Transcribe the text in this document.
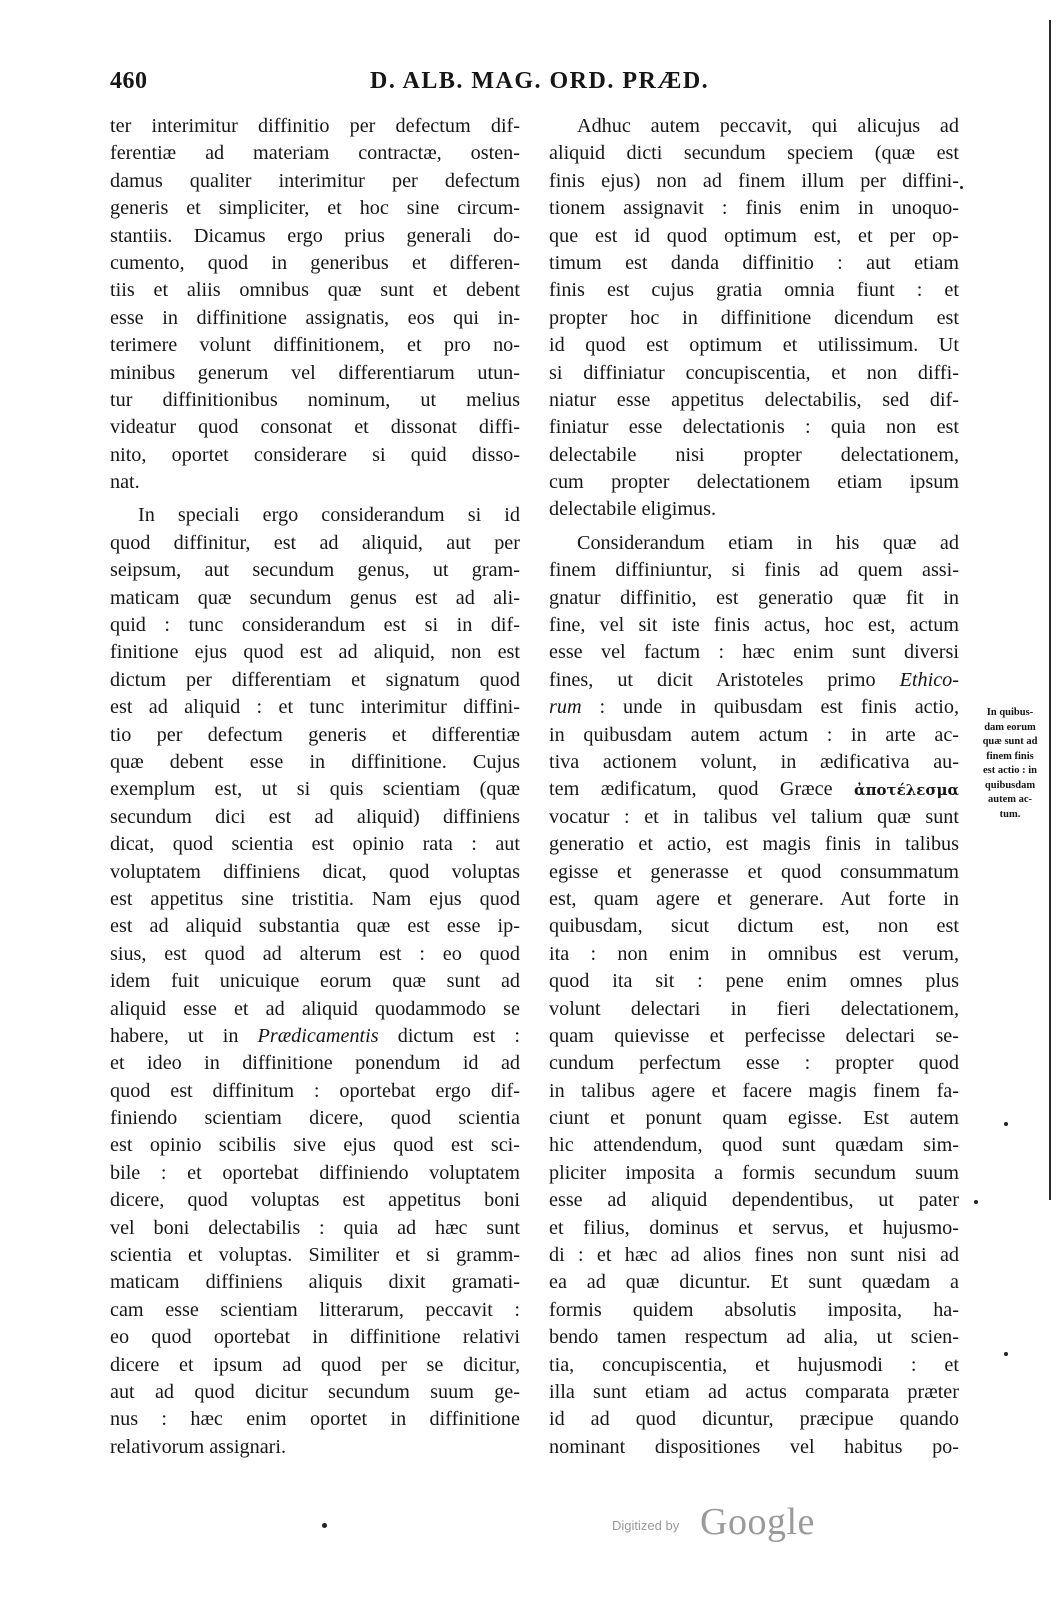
460	D. ALB. MAG. ORD. PRÆD.
ter interimitur diffinitio per defectum dif-
ferentiæ ad materiam contractæ, osten-
damus qualiter interimitur per defectum
generis et simpliciter, et hoc sine circum-
stantiis. Dicamus ergo prius generali do-
cumento, quod in generibus et differen-
tiis et aliis omnibus quæ sunt et debent
esse in diffinitione assignatis, eos qui in-
terimere volunt diffinitionem, et pro no-
minibus generum vel differentiarum utun-
tur diffinitionibus nominum, ut melius
videatur quod consonat et dissonat diffi-
nito, oportet considerare si quid disso-
nat.
In speciali ergo considerandum si id
quod diffinitur, est ad aliquid, aut per
seipsum, aut secundum genus, ut gram-
maticam quæ secundum genus est ad ali-
quid : tunc considerandum est si in dif-
finitione ejus quod est ad aliquid, non est
dictum per differentiam et signatum quod
est ad aliquid : et tunc interimitur diffini-
tio per defectum generis et differentiæ
quæ debent esse in diffinitione. Cujus
exemplum est, ut si quis scientiam (quæ
secundum dici est ad aliquid) diffiniens
dicat, quod scientia est opinio rata : aut
voluptatem diffiniens dicat, quod voluptas
est appetitus sine tristitia. Nam ejus quod
est ad aliquid substantia quæ est esse ip-
sius, est quod ad alterum est : eo quod
idem fuit unicuique eorum quæ sunt ad
aliquid esse et ad aliquid quodammodo se
habere, ut in Prædicamentis dictum est :
et ideo in diffinitione ponendum id ad
quod est diffinitum : oportebat ergo dif-
finiendo scientiam dicere, quod scientia
est opinio scibilis sive ejus quod est sci-
bile : et oportebat diffiniendo voluptatem
dicere, quod voluptas est appetitus boni
vel boni delectabilis : quia ad hæc sunt
scientia et voluptas. Similiter et si gramm-
maticam diffiniens aliquis dixit gramati-
cam esse scientiam litterarum, peccavit :
eo quod oportebat in diffinitione relativi
dicere et ipsum ad quod per se dicitur,
aut ad quod dicitur secundum suum ge-
nus : hæc enim oportet in diffinitione
relativorum assignari.
Adhuc autem peccavit, qui alicujus ad
aliquid dicti secundum speciem (quæ est
finis ejus) non ad finem illum per diffini-
tionem assignavit : finis enim in unoquo-
que est id quod optimum est, et per op-
timum est danda diffinitio : aut etiam
finis est cujus gratia omnia fiunt : et
propter hoc in diffinitione dicendum est
id quod est optimum et utilissimum. Ut
si diffiniatur concupiscentia, et non diffi-
niatur esse appetitus delectabilis, sed dif-
finiatur esse delectationis : quia non est
delectabile nisi propter delectationem,
cum propter delectationem etiam ipsum
delectabile eligimus.
Considerandum etiam in his quæ ad
finem diffiniuntur, si finis ad quem assi-
gnatur diffinitio, est generatio quæ fit in
fine, vel sit iste finis actus, hoc est, actum
esse vel factum : hæc enim sunt diversi
fines, ut dicit Aristoteles primo Ethico-
rum : unde in quibusdam est finis actio,
in quibusdam autem actum : in arte ac-
tiva actionem volunt, in ædificativa au-
tem ædificatum, quod Græce ἀποτέλεσμα
vocatur : et in talibus vel talium quæ sunt
generatio et actio, est magis finis in talibus
egisse et generasse et quod consummatum
est, quam agere et generare. Aut forte in
quibusdam, sicut dictum est, non est
ita : non enim in omnibus est verum,
quod ita sit : pene enim omnes plus
volunt delectari in fieri delectationem,
quam quievisse et perfecisse delectari se-
cundum perfectum esse : propter quod
in talibus agere et facere magis finem fa-
ciunt et ponunt quam egisse. Est autem
hic attendendum, quod sunt quædam sim-
pliciter imposita a formis secundum suum
esse ad aliquid dependentibus, ut pater
et filius, dominus et servus, et hujusmo-
di : et hæc ad alios fines non sunt nisi ad
ea ad quæ dicuntur. Et sunt quædam a
formis quidem absolutis imposita, ha-
bendo tamen respectum ad alia, ut scien-
tia, concupiscentia, et hujusmodi : et
illa sunt etiam ad actus comparata præter
id ad quod dicuntur, præcipue quando
nominant dispositiones vel habitus po-
In quibus-
dam eorum
quæ sunt ad
finem finis
est actio : in
quibusdam
autem ac-
tum.
Digitized by Google
